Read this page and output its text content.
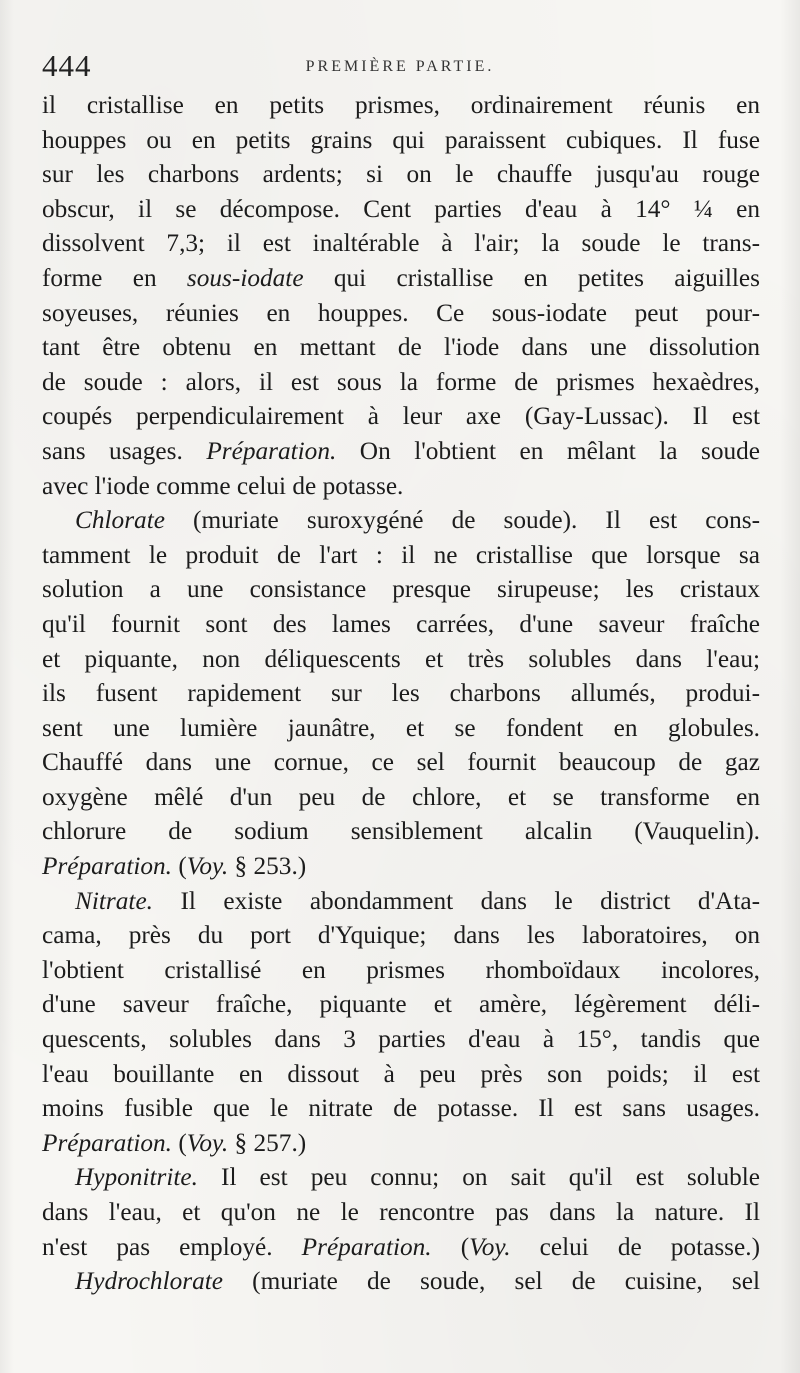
444	PREMIÈRE PARTIE.
il cristallise en petits prismes, ordinairement réunis en
houppes ou en petits grains qui paraissent cubiques. Il fuse
sur les charbons ardents; si on le chauffe jusqu'au rouge
obscur, il se décompose. Cent parties d'eau à 14° ¼ en
dissolvent 7,3; il est inaltérable à l'air; la soude le trans-
forme en sous-iodate qui cristallise en petites aiguilles
soyeuses, réunies en houppes. Ce sous-iodate peut pour-
tant être obtenu en mettant de l'iode dans une dissolution
de soude : alors, il est sous la forme de prismes hexaèdres,
coupés perpendiculairement à leur axe (Gay-Lussac). Il est
sans usages. Préparation. On l'obtient en mêlant la soude
avec l'iode comme celui de potasse.
Chlorate (muriate suroxygéné de soude). Il est cons-
tamment le produit de l'art : il ne cristallise que lorsque sa
solution a une consistance presque sirupeuse; les cristaux
qu'il fournit sont des lames carrées, d'une saveur fraîche
et piquante, non déliquescents et très solubles dans l'eau;
ils fusent rapidement sur les charbons allumés, produi-
sent une lumière jaunâtre, et se fondent en globules.
Chauffé dans une cornue, ce sel fournit beaucoup de gaz
oxygène mêlé d'un peu de chlore, et se transforme en
chlorure de sodium sensiblement alcalin (Vauquelin).
Préparation. (Voy. § 253.)
Nitrate. Il existe abondamment dans le district d'Ata-
cama, près du port d'Yquique; dans les laboratoires, on
l'obtient cristallisé en prismes rhomboïdaux incolores,
d'une saveur fraîche, piquante et amère, légèrement déli-
quescents, solubles dans 3 parties d'eau à 15°, tandis que
l'eau bouillante en dissout à peu près son poids; il est
moins fusible que le nitrate de potasse. Il est sans usages.
Préparation. (Voy. § 257.)
Hyponitrite. Il est peu connu; on sait qu'il est soluble
dans l'eau, et qu'on ne le rencontre pas dans la nature. Il
n'est pas employé. Préparation. (Voy. celui de potasse.)
Hydrochlorate (muriate de soude, sel de cuisine, sel
